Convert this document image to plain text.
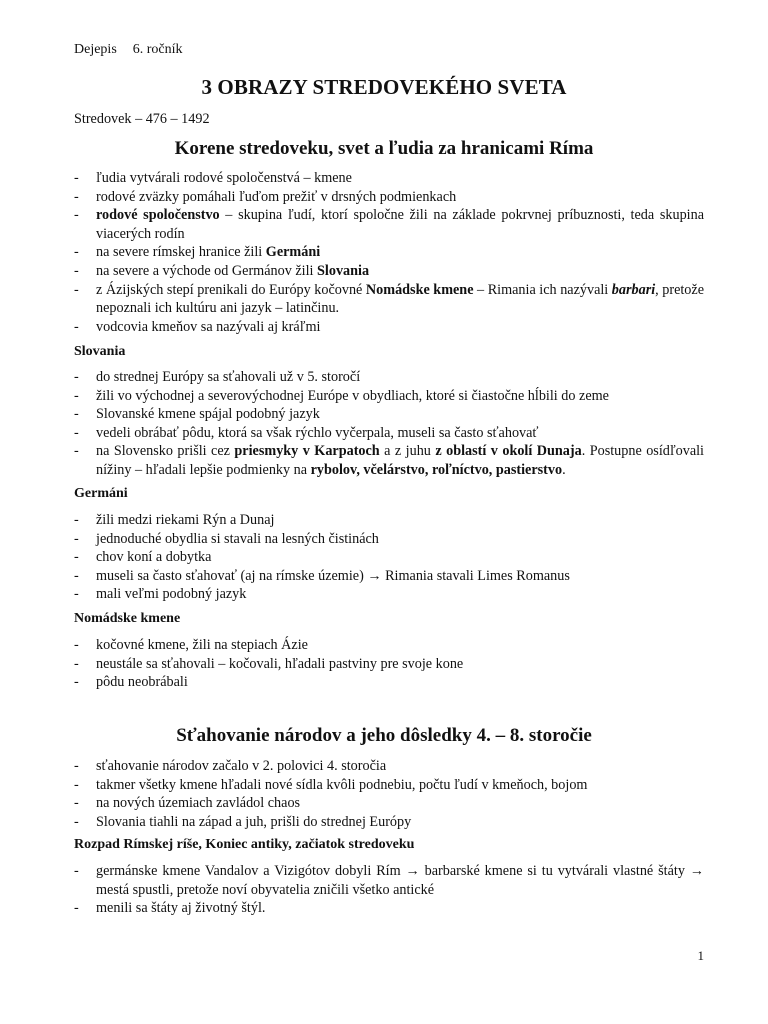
Dejepis 6. ročník
3 OBRAZY STREDOVEKÉHO SVETA
Stredovek – 476 – 1492
Korene stredoveku, svet a ľudia za hranicami Ríma
- ľudia vytvárali rodové spoločenstvá – kmene
- rodové zväzky pomáhali ľuďom prežiť v drsných podmienkach
- rodové spoločenstvo – skupina ľudí, ktorí spoločne žili na základe pokrvnej príbuznosti, teda skupina viacerých rodín
- na severe rímskej hranice žili Germáni
- na severe a východe od Germánov žili Slovania
- z Ázijských stepí prenikali do Európy kočovné Nomádske kmene – Rimania ich nazývali barbari, pretože nepoznali ich kultúru ani jazyk – latinčinu.
- vodcovia kmeňov sa nazývali aj kráľmi
Slovania
- do strednej Európy sa sťahovali už v 5. storočí
- žili vo východnej a severovýchodnej Európe v obydliach, ktoré si čiastočne hĺbili do zeme
- Slovanské kmene spájal podobný jazyk
- vedeli obrábať pôdu, ktorá sa však rýchlo vyčerpala, museli sa často sťahovať
- na Slovensko prišli cez priesmyky v Karpatoch a z juhu z oblastí v okolí Dunaja. Postupne osídľovali nížiny – hľadali lepšie podmienky na rybolov, včelárstvo, roľníctvo, pastierstvo.
Germáni
- žili medzi riekami Rýn a Dunaj
- jednoduché obydlia si stavali na lesných čistinách
- chov koní a dobytka
- museli sa často sťahovať (aj na rímske územie) → Rimania stavali Limes Romanus
- mali veľmi podobný jazyk
Nomádske kmene
- kočovné kmene, žili na stepiach Ázie
- neustále sa sťahovali – kočovali, hľadali pastviny pre svoje kone
- pôdu neobrábali
Sťahovanie národov a jeho dôsledky 4. – 8. storočie
- sťahovanie národov začalo v 2. polovici 4. storočia
- takmer všetky kmene hľadali nové sídla kvôli podnebiu, počtu ľudí v kmeňoch, bojom
- na nových územiach zavládol chaos
- Slovania tiahli na západ a juh, prišli do strednej Európy
Rozpad Rímskej ríše, Koniec antiky, začiatok stredoveku
- germánske kmene Vandalov a Vizigótov dobyli Rím → barbarské kmene si tu vytvárali vlastné štáty → mestá spustli, pretože noví obyvatelia zničili všetko antické
- menili sa štáty aj životný štýl.
1
